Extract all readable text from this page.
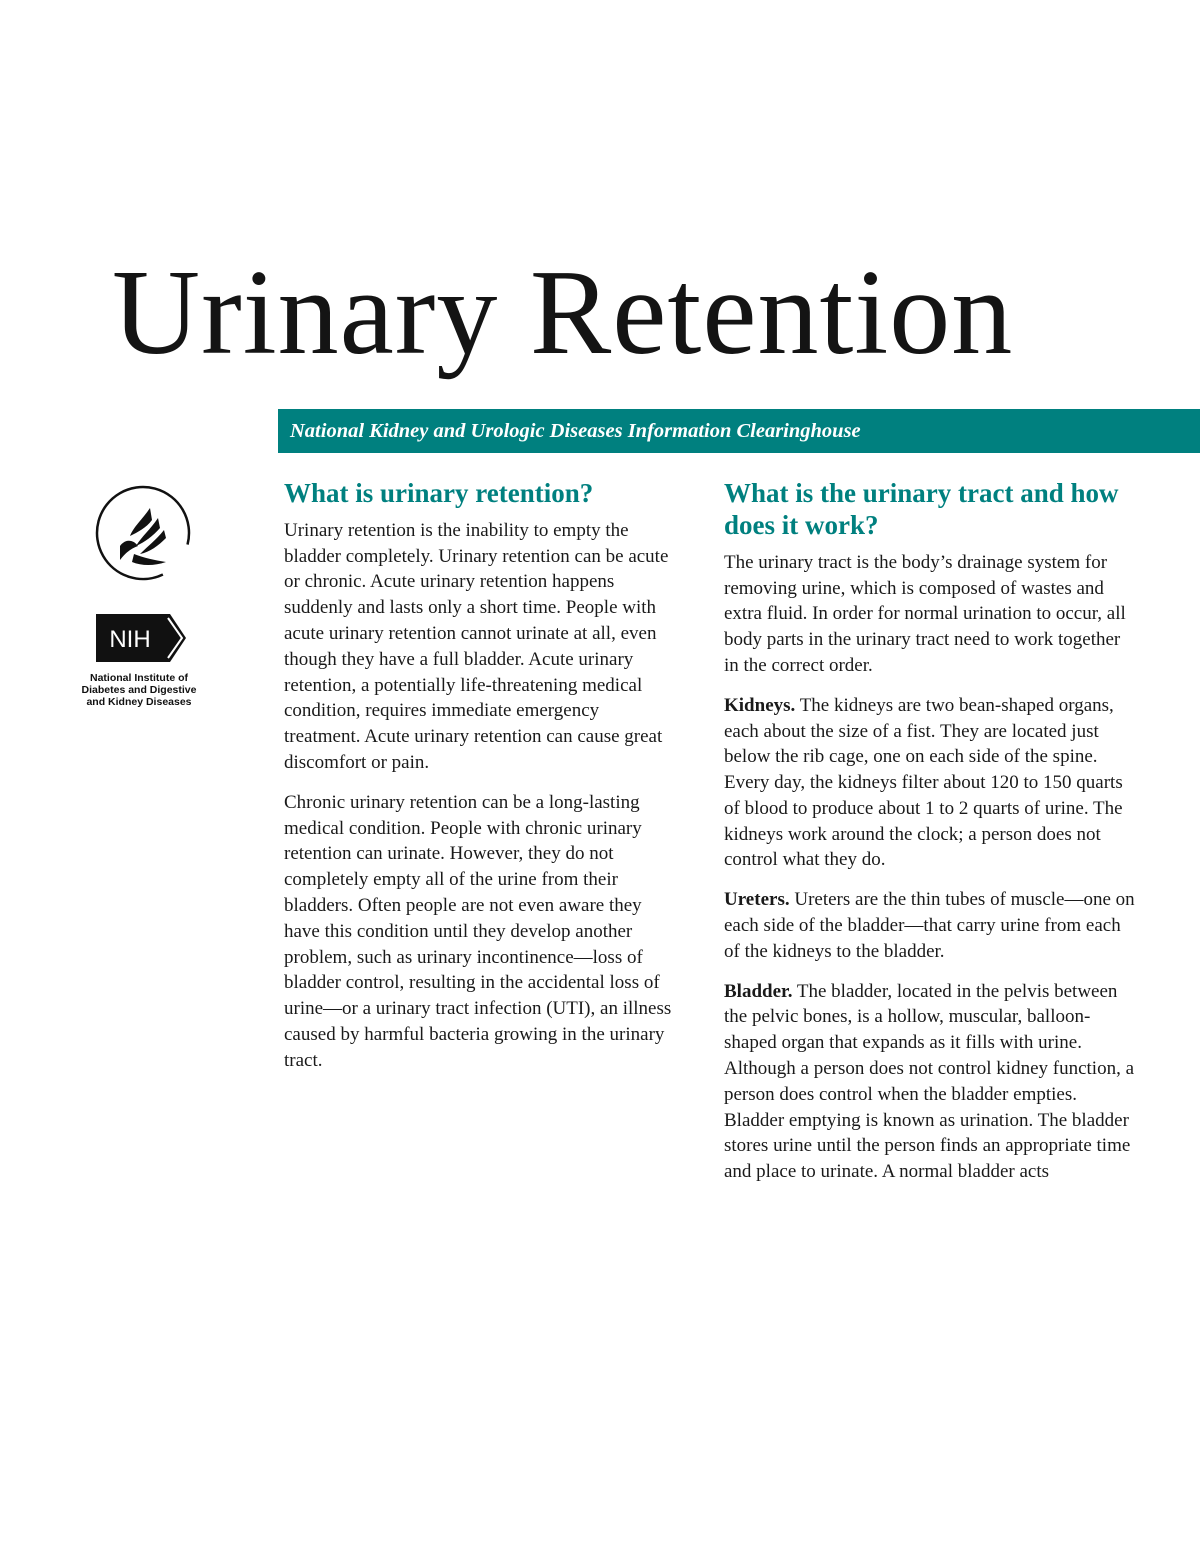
Urinary Retention
National Kidney and Urologic Diseases Information Clearinghouse
NIH
National Institute of
Diabetes and Digestive
and Kidney Diseases
What is urinary retention?

Urinary retention is the inability to empty the bladder completely. Urinary retention can be acute or chronic. Acute urinary retention happens suddenly and lasts only a short time. People with acute urinary retention cannot urinate at all, even though they have a full bladder. Acute urinary retention, a potentially life-threatening medical condition, requires immediate emergency treatment. Acute urinary retention can cause great discomfort or pain.

Chronic urinary retention can be a long-lasting medical condition. People with chronic urinary retention can urinate. However, they do not completely empty all of the urine from their bladders. Often people are not even aware they have this condition until they develop another problem, such as urinary incontinence—loss of bladder control, resulting in the accidental loss of urine—or a urinary tract infection (UTI), an illness caused by harmful bacteria growing in the urinary tract.

What is the urinary tract and how does it work?

The urinary tract is the body’s drainage system for removing urine, which is composed of wastes and extra fluid. In order for normal urination to occur, all body parts in the urinary tract need to work together in the correct order.

Kidneys. The kidneys are two bean-shaped organs, each about the size of a fist. They are located just below the rib cage, one on each side of the spine. Every day, the kidneys filter about 120 to 150 quarts of blood to produce about 1 to 2 quarts of urine. The kidneys work around the clock; a person does not control what they do.

Ureters. Ureters are the thin tubes of muscle—one on each side of the bladder—that carry urine from each of the kidneys to the bladder.

Bladder. The bladder, located in the pelvis between the pelvic bones, is a hollow, muscular, balloon-shaped organ that expands as it fills with urine. Although a person does not control kidney function, a person does control when the bladder empties. Bladder emptying is known as urination. The bladder stores urine until the person finds an appropriate time and place to urinate. A normal bladder acts
